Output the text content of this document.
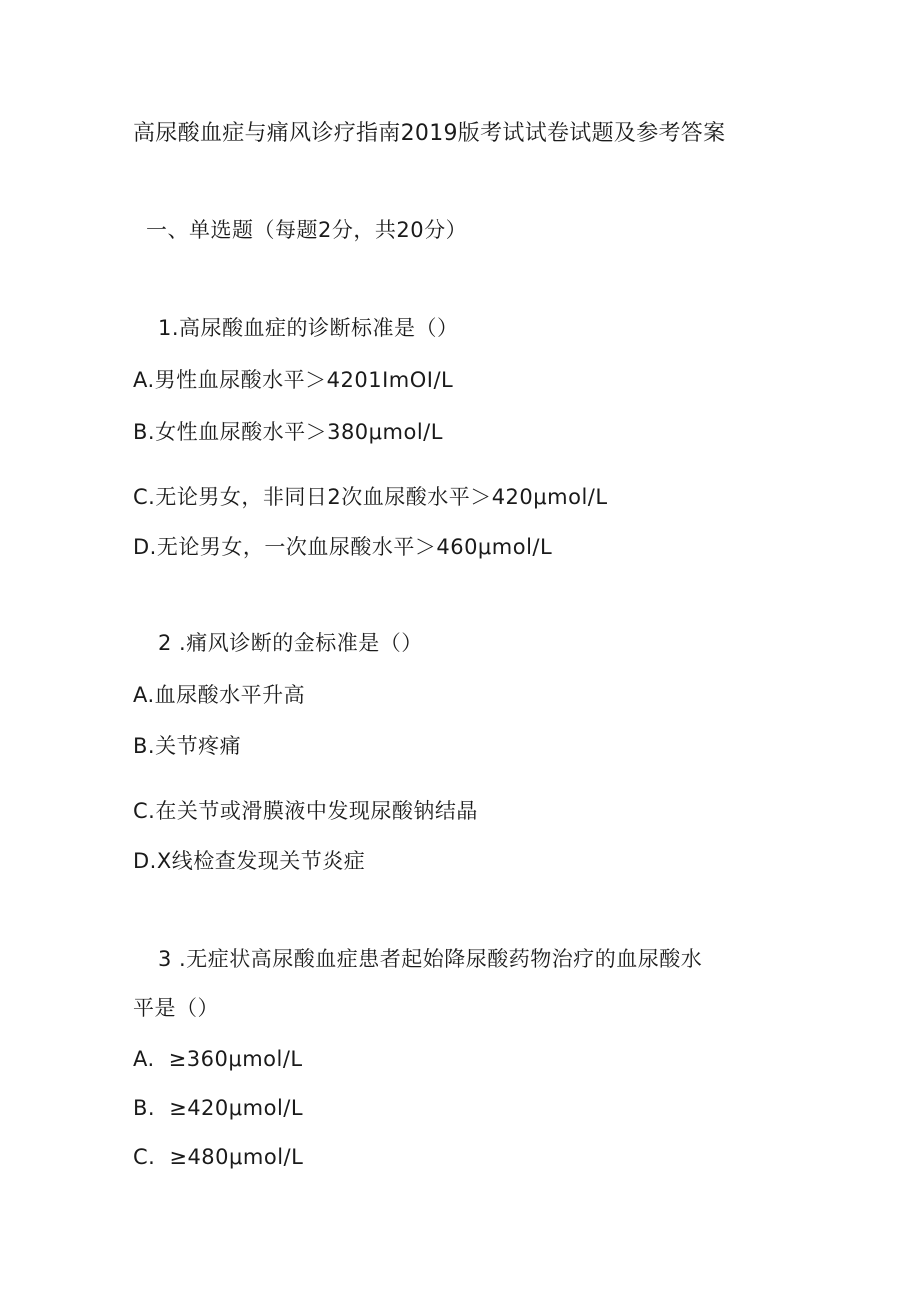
高尿酸血症与痛风诊疗指南2019版考试试卷试题及参考答案
一、单选题（每题2分，共20分）
1.高尿酸血症的诊断标准是（）
A.男性血尿酸水平＞4201ImOI/L
B.女性血尿酸水平＞380μmol/L
C.无论男女，非同日2次血尿酸水平＞420μmol/L
D.无论男女，一次血尿酸水平＞460μmol/L
2 .痛风诊断的金标准是（）
A.血尿酸水平升高
B.关节疼痛
C.在关节或滑膜液中发现尿酸钠结晶
D.X线检查发现关节炎症
3 .无症状高尿酸血症患者起始降尿酸药物治疗的血尿酸水
平是（）
A. ≥360μmol/L
B. ≥420μmol/L
C. ≥480μmol/L
